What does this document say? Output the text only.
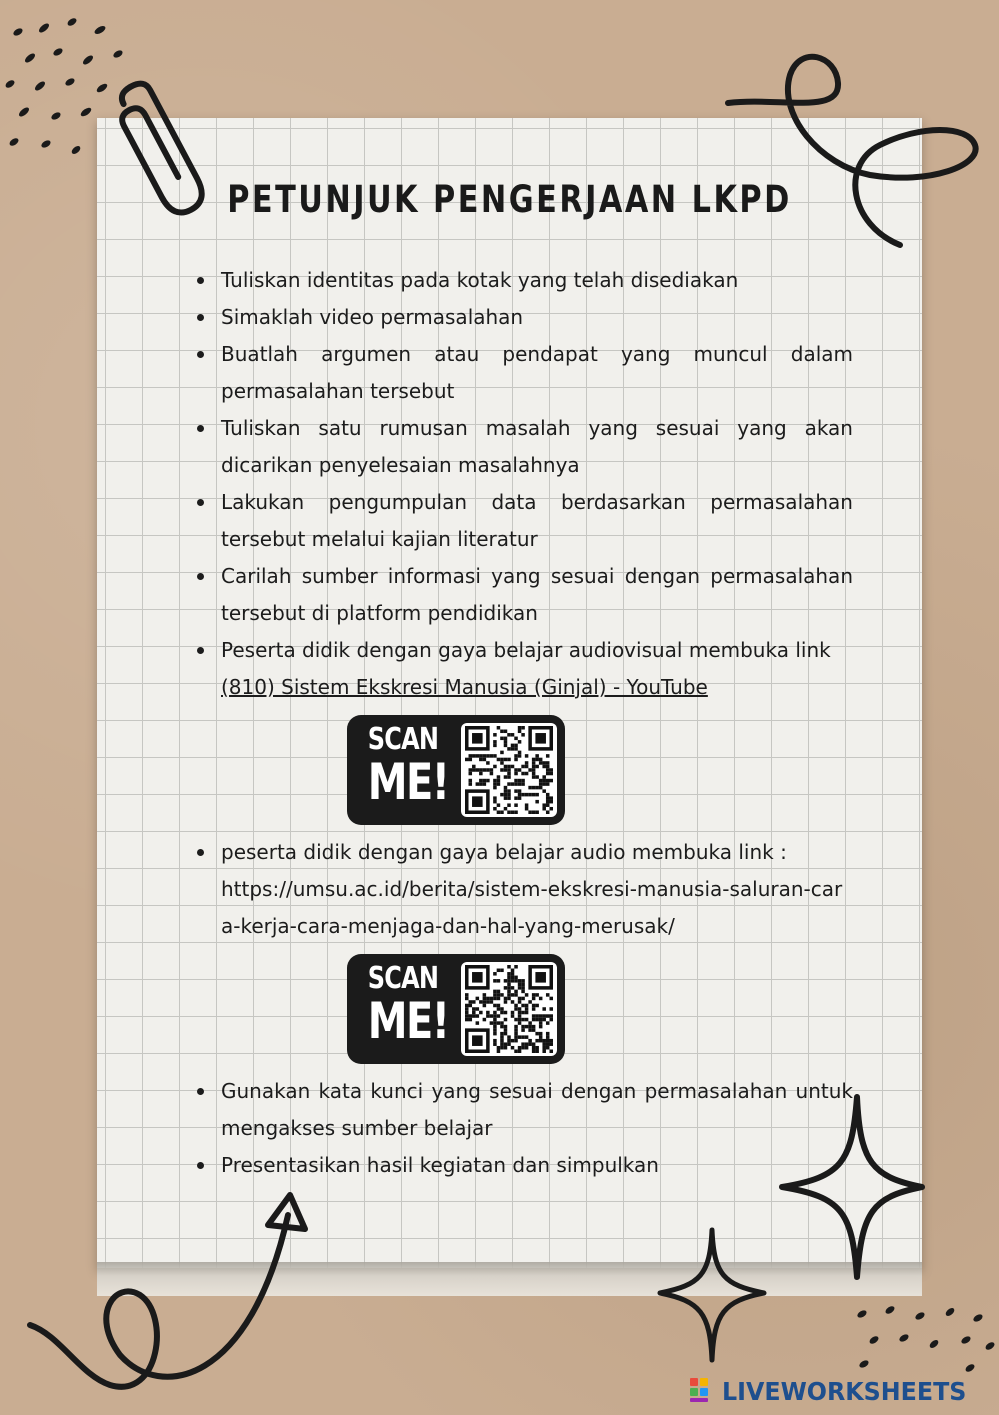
PETUNJUK PENGERJAAN LKPD
Tuliskan identitas pada kotak yang telah disediakan
Simaklah video permasalahan
Buatlah argumen atau pendapat yang muncul dalam permasalahan tersebut
Tuliskan satu rumusan masalah yang sesuai yang akan dicarikan penyelesaian masalahnya
Lakukan pengumpulan data berdasarkan permasalahan tersebut melalui kajian literatur
Carilah sumber informasi yang sesuai dengan permasalahan tersebut di platform pendidikan
Peserta didik dengan gaya belajar audiovisual membuka link
(810) Sistem Ekskresi Manusia (Ginjal) - YouTube
SCAN
ME!
peserta didik dengan gaya belajar audio membuka link :
https://umsu.ac.id/berita/sistem-ekskresi-manusia-saluran-cara-kerja-cara-menjaga-dan-hal-yang-merusak/
SCAN
ME!
Gunakan kata kunci yang sesuai dengan permasalahan untuk mengakses sumber belajar
Presentasikan hasil kegiatan dan simpulkan
LIVEWORKSHEETS
